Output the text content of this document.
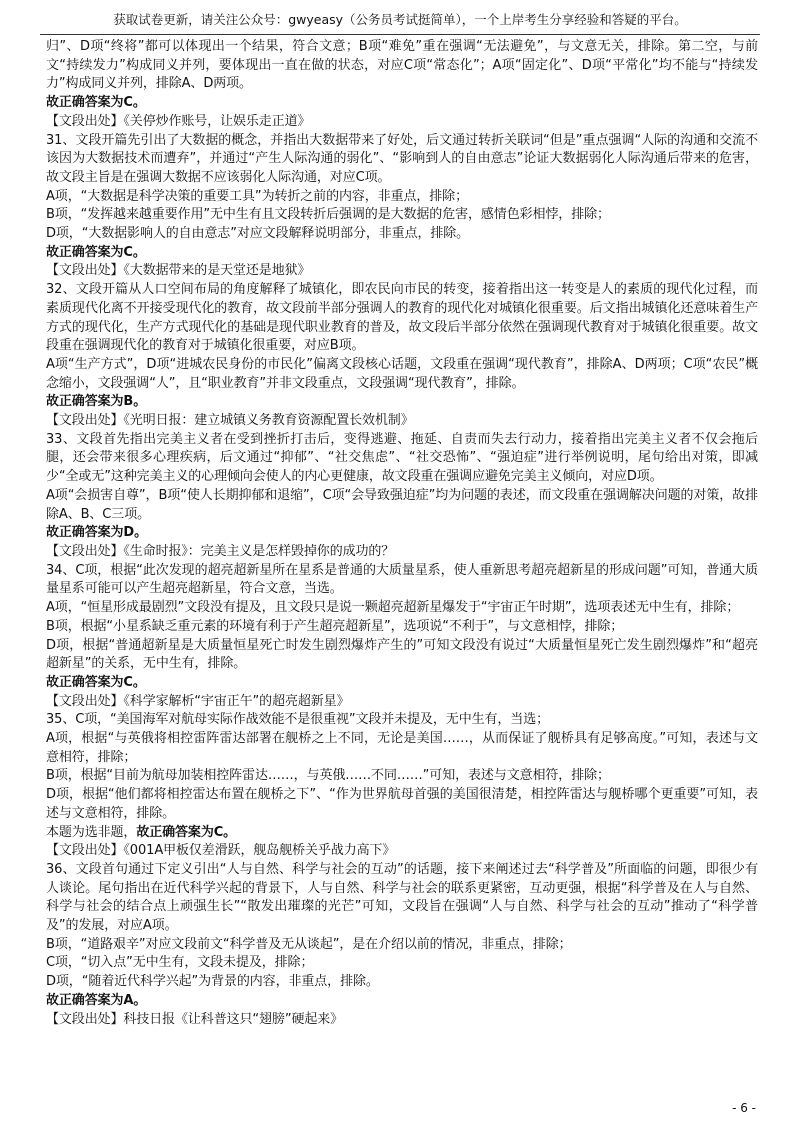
获取试卷更新，请关注公众号：gwyeasy（公务员考试挺简单），一个上岸考生分享经验和答疑的平台。

归”、D项“终将”都可以体现出一个结果，符合文意；B项“难免”重在强调“无法避免”，与文意无关，排除。第二空，与前文“持续发力”构成同义并列，要体现出一直在做的状态，对应C项“常态化”；A项“固定化”、D项“平常化”均不能与“持续发力”构成同义并列，排除A、D两项。

故正确答案为C。

【文段出处】《关停炒作账号，让娱乐走正道》

31、文段开篇先引出了大数据的概念，并指出大数据带来了好处，后文通过转折关联词“但是”重点强调“人际的沟通和交流不该因为大数据技术而遭弃”，并通过“产生人际沟通的弱化”、“影响到人的自由意志”论证大数据弱化人际沟通后带来的危害，故文段主旨是在强调大数据不应该弱化人际沟通，对应C项。

A项，“大数据是科学决策的重要工具”为转折之前的内容，非重点，排除；

B项，“发挥越来越重要作用”无中生有且文段转折后强调的是大数据的危害，感情色彩相悖，排除；

D项，“大数据影响人的自由意志”对应文段解释说明部分，非重点，排除。

故正确答案为C。

【文段出处】《大数据带来的是天堂还是地狱》

32、文段开篇从人口空间布局的角度解释了城镇化，即农民向市民的转变，接着指出这一转变是人的素质的现代化过程，而素质现代化离不开接受现代化的教育，故文段前半部分强调人的教育的现代化对城镇化很重要。后文指出城镇化还意味着生产方式的现代化，生产方式现代化的基础是现代职业教育的普及，故文段后半部分依然在强调现代教育对于城镇化很重要。故文段重在强调现代化的教育对于城镇化很重要，对应B项。

A项“生产方式”，D项“进城农民身份的市民化”偏离文段核心话题，文段重在强调“现代教育”，排除A、D两项；C项“农民”概念缩小，文段强调“人”，且“职业教育”并非文段重点，文段强调“现代教育”，排除。

故正确答案为B。

【文段出处】《光明日报：建立城镇义务教育资源配置长效机制》

33、文段首先指出完美主义者在受到挫折打击后，变得逃避、拖延、自责而失去行动力，接着指出完美主义者不仅会拖后腿，还会带来很多心理疾病，后文通过“抑郁”、“社交焦虑”、“社交恐怖”、“强迫症”进行举例说明，尾句给出对策，即减少“全或无”这种完美主义的心理倾向会使人的内心更健康，故文段重在强调应避免完美主义倾向，对应D项。

A项“会损害自尊”，B项“使人长期抑郁和退缩”，C项“会导致强迫症”均为问题的表述，而文段重在强调解决问题的对策，故排除A、B、C三项。

故正确答案为D。

【文段出处】《生命时报》：完美主义是怎样毁掉你的成功的？

34、C项，根据“此次发现的超亮超新星所在星系是普通的大质量星系，使人重新思考超亮超新星的形成问题”可知，普通大质量星系可能可以产生超亮超新星，符合文意，当选。

A项，“恒星形成最剧烈”文段没有提及，且文段只是说一颗超亮超新星爆发于“宇宙正午时期”，选项表述无中生有，排除；

B项，根据“小星系缺乏重元素的环境有利于产生超亮超新星”，选项说“不利于”，与文意相悖，排除；

D项，根据“普通超新星是大质量恒星死亡时发生剧烈爆炸产生的”可知文段没有说过“大质量恒星死亡发生剧烈爆炸”和“超亮超新星”的关系，无中生有，排除。

故正确答案为C。

【文段出处】《科学家解析“宇宙正午”的超亮超新星》

35、C项，“美国海军对航母实际作战效能不是很重视”文段并未提及，无中生有，当选；

A项，根据“与英俄将相控雷阵雷达部署在舰桥之上不同，无论是美国……，从而保证了舰桥具有足够高度。”可知，表述与文意相符，排除；

B项，根据“目前为航母加装相控阵雷达……，与英俄……不同……”可知，表述与文意相符，排除；

D项，根据“他们都将相控雷达布置在舰桥之下”、“作为世界航母首强的美国很清楚，相控阵雷达与舰桥哪个更重要”可知，表述与文意相符，排除。

本题为选非题，故正确答案为C。

【文段出处】《001A甲板仅差滑跃，舰岛舰桥关乎战力高下》

36、文段首句通过下定义引出“人与自然、科学与社会的互动”的话题，接下来阐述过去“科学普及”所面临的问题，即很少有人谈论。尾句指出在近代科学兴起的背景下，人与自然、科学与社会的联系更紧密，互动更强，根据“科学普及在人与自然、科学与社会的结合点上顽强生长”“散发出璀璨的光芒”可知，文段旨在强调“人与自然、科学与社会的互动”推动了“科学普及”的发展，对应A项。

B项，“道路艰辛”对应文段前文“科学普及无从谈起”，是在介绍以前的情况，非重点，排除；

C项，“切入点”无中生有，文段未提及，排除；

D项，“随着近代科学兴起”为背景的内容，非重点，排除。

故正确答案为A。

【文段出处】科技日报《让科普这只“翅膀”硬起来》

- 6 -
